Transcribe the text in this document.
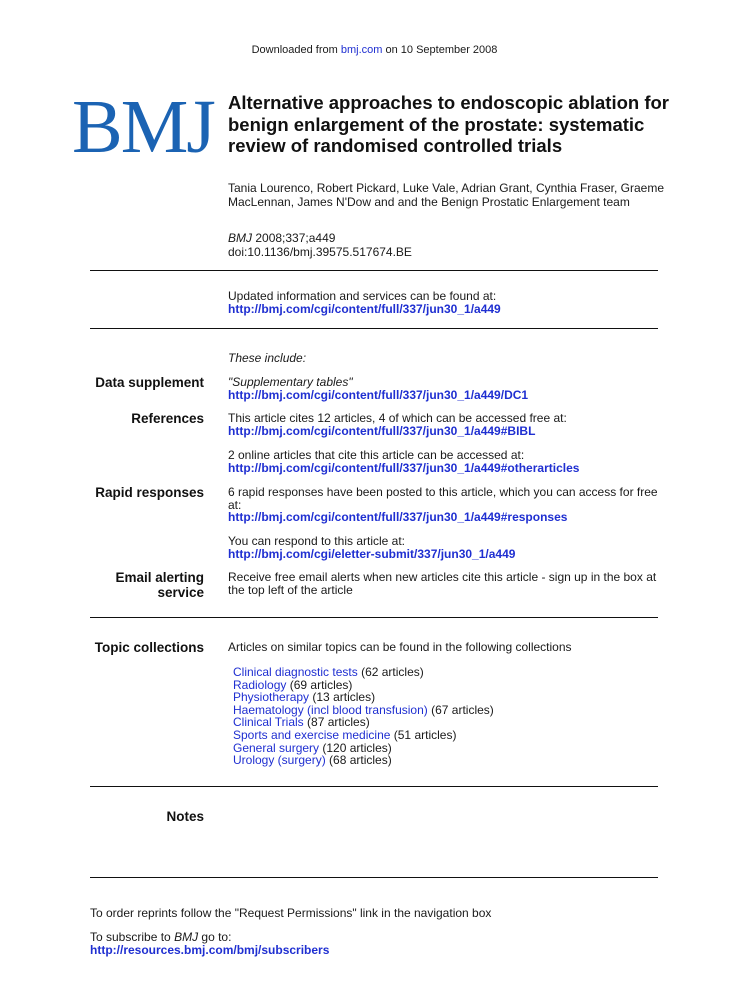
Downloaded from bmj.com on 10 September 2008
BMJ Alternative approaches to endoscopic ablation for benign enlargement of the prostate: systematic review of randomised controlled trials
Tania Lourenco, Robert Pickard, Luke Vale, Adrian Grant, Cynthia Fraser, Graeme MacLennan, James N'Dow and and the Benign Prostatic Enlargement team
BMJ 2008;337;a449
doi:10.1136/bmj.39575.517674.BE
Updated information and services can be found at:
http://bmj.com/cgi/content/full/337/jun30_1/a449
These include:
Data supplement "Supplementary tables"
http://bmj.com/cgi/content/full/337/jun30_1/a449/DC1
References This article cites 12 articles, 4 of which can be accessed free at:
http://bmj.com/cgi/content/full/337/jun30_1/a449#BIBL
2 online articles that cite this article can be accessed at:
http://bmj.com/cgi/content/full/337/jun30_1/a449#otherarticles
Rapid responses 6 rapid responses have been posted to this article, which you can access for free at:
http://bmj.com/cgi/content/full/337/jun30_1/a449#responses
You can respond to this article at:
http://bmj.com/cgi/eletter-submit/337/jun30_1/a449
Email alerting
service
Receive free email alerts when new articles cite this article - sign up in the box at the top left of the article
Topic collections Articles on similar topics can be found in the following collections
Clinical diagnostic tests (62 articles)
Radiology (69 articles)
Physiotherapy (13 articles)
Haematology (incl blood transfusion) (67 articles)
Clinical Trials (87 articles)
Sports and exercise medicine (51 articles)
General surgery (120 articles)
Urology (surgery) (68 articles)
Notes
To order reprints follow the "Request Permissions" link in the navigation box
To subscribe to BMJ go to:
http://resources.bmj.com/bmj/subscribers
